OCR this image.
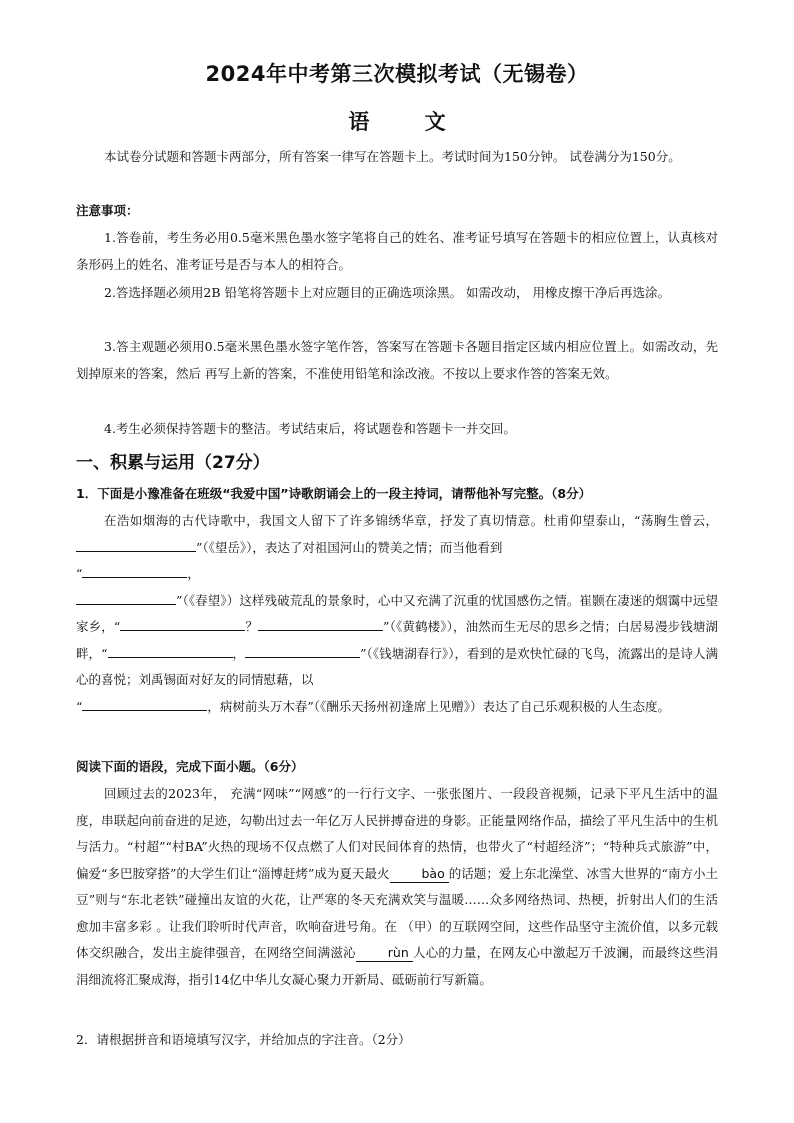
2024年中考第三次模拟考试（无锡卷）
语 文
本试卷分试题和答题卡两部分，所有答案一律写在答题卡上。考试时间为150分钟。 试卷满分为150分。
注意事项：
1.答卷前，考生务必用0.5毫米黑色墨水签字笔将自己的姓名、准考证号填写在答题卡的相应位置上，认真核对条形码上的姓名、准考证号是否与本人的相符合。
2.答选择题必须用2B 铅笔将答题卡上对应题目的正确选项涂黑。 如需改动， 用橡皮擦干净后再选涂。
3.答主观题必须用0.5毫米黑色墨水签字笔作答，答案写在答题卡各题目指定区域内相应位置上。如需改动，先划掉原来的答案，然后 再写上新的答案，不准使用铅笔和涂改液。不按以上要求作答的答案无效。
4.考生必须保持答题卡的整洁。考试结束后，将试题卷和答题卡一并交回。
一、积累与运用（27分）
1．下面是小豫准备在班级“我爱中国”诗歌朗诵会上的一段主持词，请帮他补写完整。（8分）
在浩如烟海的古代诗歌中，我国文人留下了许多锦绣华章，抒发了真切情意。杜甫仰望泰山，“荡胸生曾云，”（《望岳》），表达了对祖国河山的赞美之情；而当他看到
“	，
”（《春望》）这样残破荒乱的景象时，心中又充满了沉重的忧国感伤之情。崔颢在凄迷的烟霭中远望家乡，“	？	”（《黄鹤楼》），油然而生无尽的思乡之情；白居易漫步钱塘湖畔，“	，	”（《钱塘湖春行》），看到的是欢快忙碌的飞鸟，流露出的是诗人满心的喜悦；刘禹锡面对好友的同情慰藉，以
“	，病树前头万木春”（《酬乐天扬州初逢席上见赠》）表达了自己乐观积极的人生态度。
阅读下面的语段，完成下面小题。（6分）
回顾过去的2023年， 充满“网味”“网感”的一行行文字、一张张图片、一段段音视频，记录下平凡生活中的温度，串联起向前奋进的足迹，勾勒出过去一年亿万人民拼搏奋进的身影。正能量网络作品，描绘了平凡生活中的生机与活力。“村超”“村BA”火热的现场不仅点燃了人们对民间体育的热情，也带火了“村超经济”；“特种兵式旅游”中，偏爱“多巴胺穿搭”的大学生们让“淄博赶烤”成为夏天最火	bào 的话题；爱上东北澡堂、冰雪大世界的“南方小土豆”则与“东北老铁”碰撞出友谊的火花，让严寒的冬天充满欢笑与温暖……众多网络热词、热梗，折射出人们的生活愈加丰富多彩 。让我们聆听时代声音，吹响奋进号角。在 （甲）的互联网空间，这些作品坚守主流价值，以多元载体交织融合，发出主旋律强音，在网络空间满滋沁	rùn 人心的力量，在网友心中激起万千波澜，而最终这些涓涓细流将汇聚成海，指引14亿中华儿女凝心聚力开新局、砥砺前行写新篇。
2．请根据拼音和语境填写汉字，并给加点的字注音。（2分）
